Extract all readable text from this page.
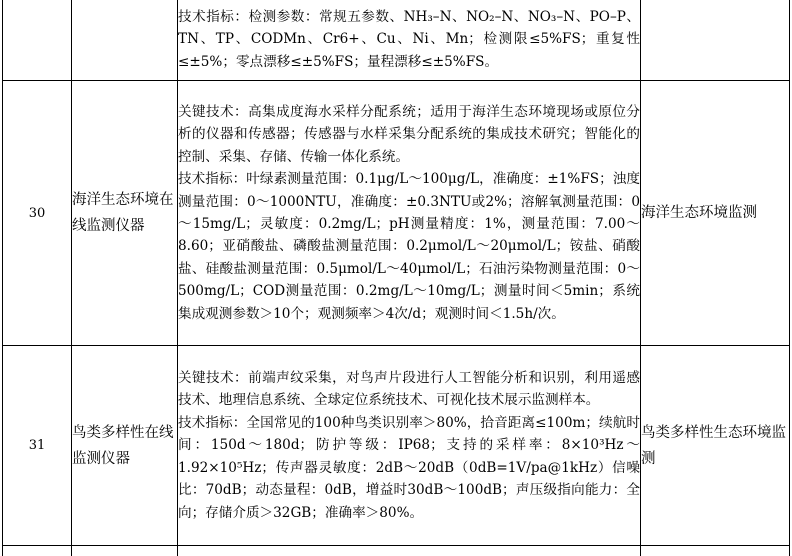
		技术指标：检测参数：常规五参数、NH₃–N、NO₂–N、NO₃–N、PO–P、TN、TP、CODMn、Cr6+、Cu、Ni、Mn；检测限≤5%FS；重复性≤±5%；零点漂移≤±5%FS；量程漂移≤±5%FS。	

30	海洋生态环境在线监测仪器	关键技术：高集成度海水采样分配系统；适用于海洋生态环境现场或原位分析的仪器和传感器；传感器与水样采集分配系统的集成技术研究；智能化的控制、采集、存储、传输一体化系统。

技术指标：叶绿素测量范围：0.1μg/L～100μg/L，准确度：±1%FS；浊度测量范围：0～1000NTU，准确度：±0.3NTU或2%；溶解氧测量范围：0～15mg/L；灵敏度：0.2mg/L；pH测量精度：1%，测量范围：7.00～8.60；亚硝酸盐、磷酸盐测量范围：0.2μmol/L～20μmol/L；铵盐、硝酸盐、硅酸盐测量范围：0.5μmol/L～40μmol/L；石油污染物测量范围：0～500mg/L；COD测量范围：0.2mg/L～10mg/L；测量时间＜5min；系统集成观测参数＞10个；观测频率＞4次/d；观测时间＜1.5h/次。	海洋生态环境监测
31	鸟类多样性在线监测仪器	关键技术：前端声纹采集，对鸟声片段进行人工智能分析和识别，利用遥感技术、地理信息系统、全球定位系统技术、可视化技术展示监测样本。

技术指标：全国常见的100种鸟类识别率＞80%，拾音距离≤100m；续航时间：150d～180d；防护等级：IP68；支持的采样率：8×10³Hz～1.92×10⁵Hz；传声器灵敏度：2dB～20dB（0dB=1V/pa@1kHz）信噪比：70dB；动态量程：0dB，增益时30dB～100dB；声压级指向能力：全向；存储介质＞32GB；准确率＞80%。	鸟类多样性生态环境监测
